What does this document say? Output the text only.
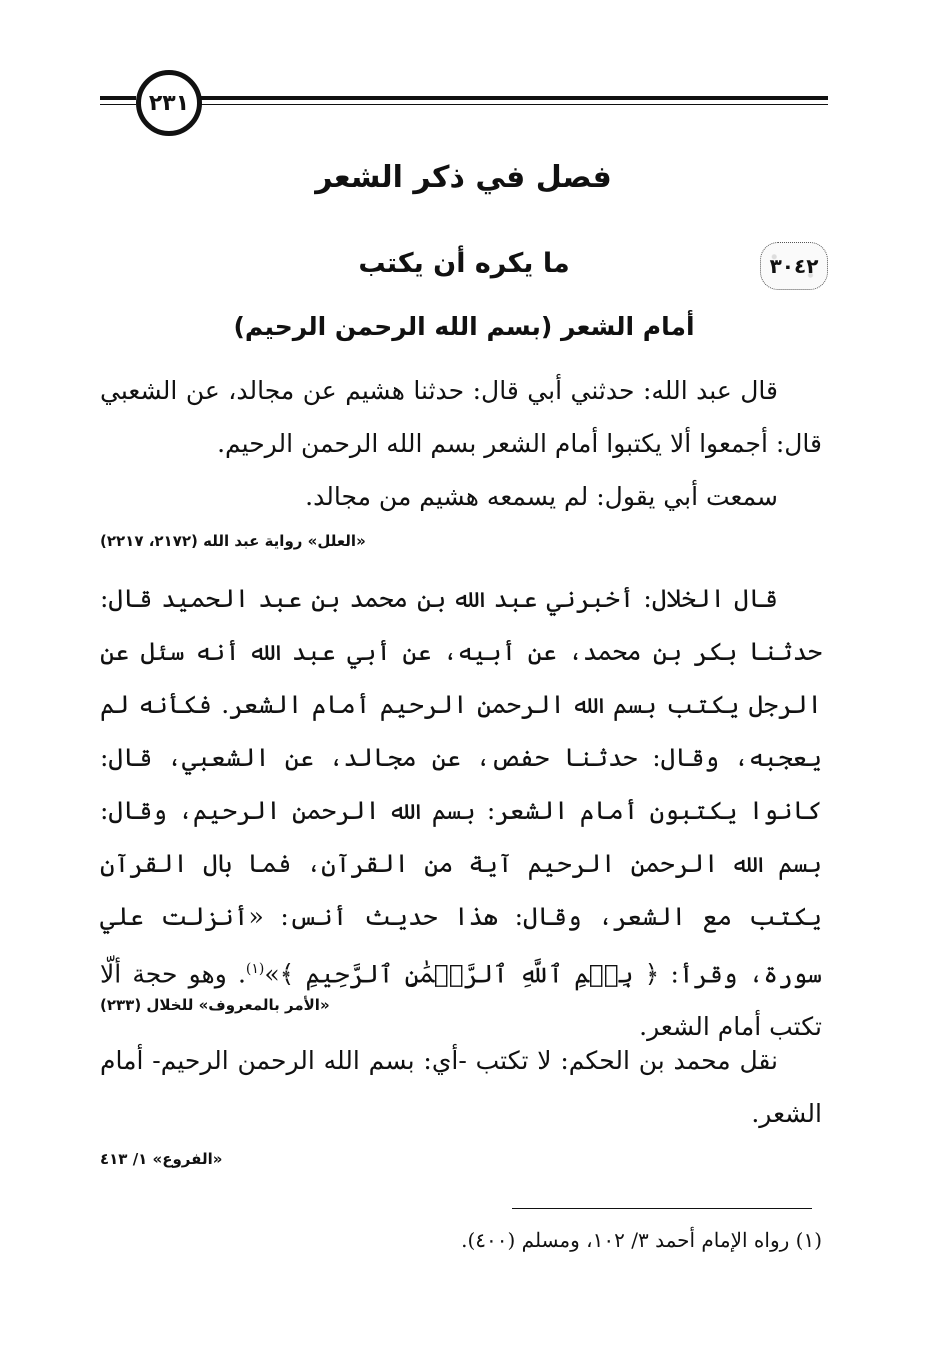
٢٣١
فصل في ذكر الشعر
ما يكره أن يكتب	٣٠٤٢
أمام الشعر (بسم الله الرحمن الرحيم)

قال عبد الله: حدثني أبي قال: حدثنا هشيم عن مجالد، عن الشعبي قال: أجمعوا ألا يكتبوا أمام الشعر بسم الله الرحمن الرحيم.

سمعت أبي يقول: لم يسمعه هشيم من مجالد.

«العلل» رواية عبد الله (٢١٧٢، ٢٢١٧)

قال الخلال: أخبرني عبد الله بن محمد بن عبد الحميد قال: حدثنا بكر بن محمد، عن أبيه، عن أبي عبد الله أنه سئل عن الرجل يكتب بسم الله الرحمن الرحيم أمام الشعر. فكأنه لم يعجبه، وقال: حدثنا حفص، عن مجالد، عن الشعبي، قال: كانوا يكتبون أمام الشعر: بسم الله الرحمن الرحيم، وقال: بسم الله الرحمن الرحيم آية من القرآن، فما بال القرآن يكتب مع الشعر، وقال: هذا حديث أنس: «أنزلت علي سورة، وقرأ: ﴿ بِسۡمِ ٱللَّهِ ٱلرَّحۡمَٰنِ ٱلرَّحِيمِ ﴾»$^{(١)}$. وهو حجة ألّا تكتب أمام الشعر.

«الأمر بالمعروف» للخلال (٢٣٣)

نقل محمد بن الحكم: لا تكتب -أي: بسم الله الرحمن الرحيم- أمام الشعر.

«الفروع» ١/ ٤١٣
(١) رواه الإمام أحمد ٣/ ١٠٢، ومسلم (٤٠٠).
